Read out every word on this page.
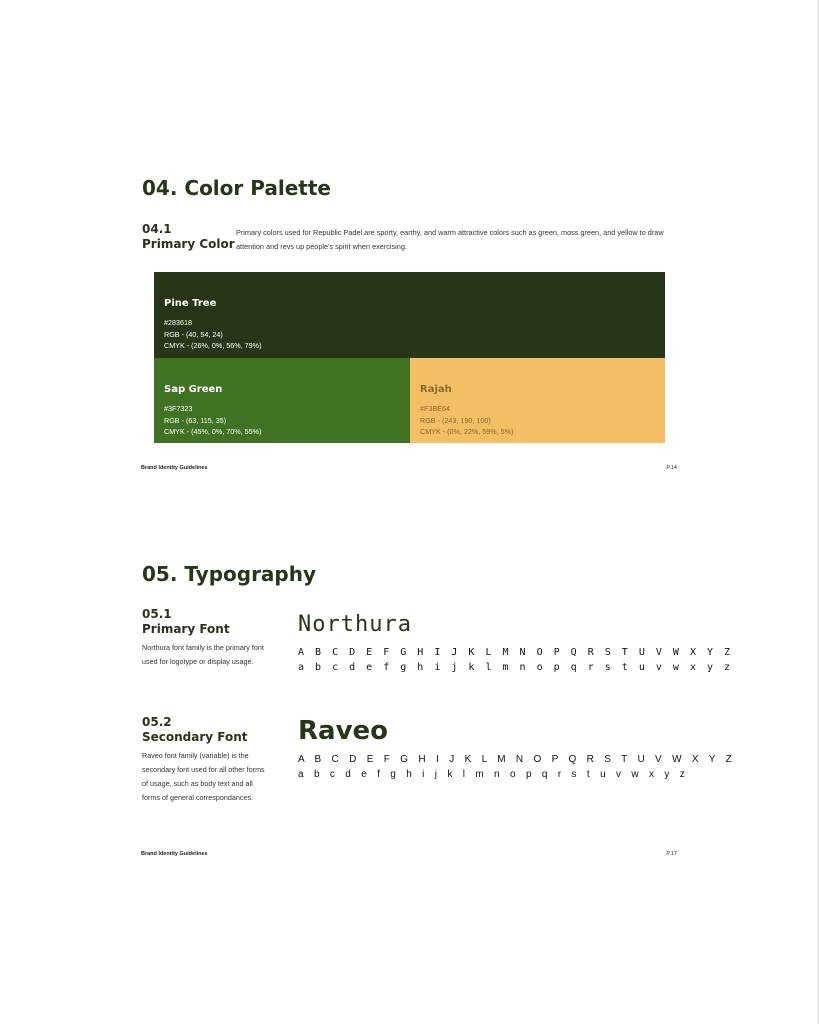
04. Color Palette
04.1
Primary Color
Primary colors used for Republic Padel are sporty, earthy, and warm attractive colors such as green, moss green, and yellow to draw attention and revs up people's spirit when exercising.
Pine Tree
#283618
RGB - (40, 54, 24)
CMYK - (26%, 0%, 56%, 79%)
Sap Green
#3F7323
RGB - (63, 115, 35)
CMYK - (45%, 0%, 70%, 55%)
Rajah
#F3BE64
RGB - (243, 190, 100)
CMYK - (0%, 22%, 59%, 5%)
Brand Identity Guidelines	P.14
05. Typography
05.1
Primary Font
Northura font family is the primary font used for logotype or display usage.
Northura
A B C D E F G H I J K L M N O P Q R S T U V W X Y Z
a b c d e f g h i j k l m n o p q r s t u v w x y z
05.2
Secondary Font
Raveo font family (variable) is the secondary font used for all other forms of usage, such as body text and all forms of general correspondances.
Raveo
A B C D E F G H I J K L M N O P Q R S T U V W X Y Z
a b c d e f g h i j k l m n o p q r s t u v w x y z
Brand Identity Guidelines	P.17
